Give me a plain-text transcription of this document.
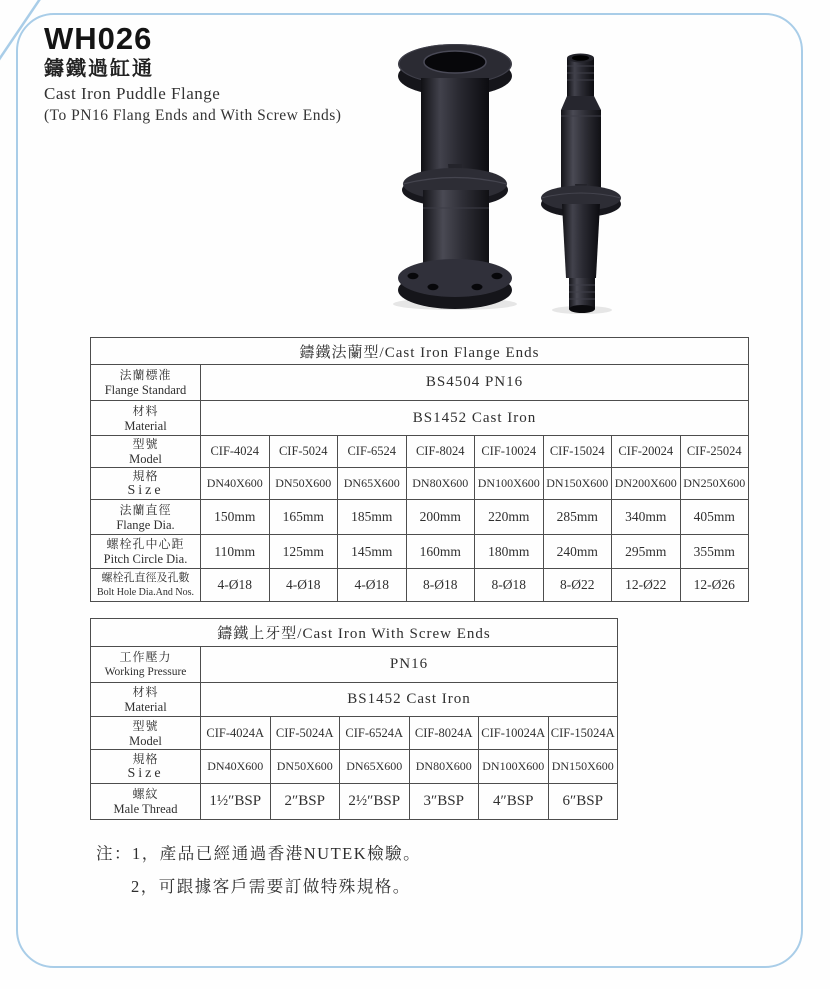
WH026
鑄鐵過缸通
Cast Iron Puddle Flange
(To PN16 Flang Ends and With Screw Ends)
鑄鐵法蘭型/Cast Iron Flange Ends								

法蘭標准
Flange Standard	BS4504 PN16							

材料
Material	BS1452 Cast Iron							

型號
Model	CIF-4024	CIF-5024	CIF-6524	CIF-8024	CIF-10024	CIF-15024	CIF-20024	CIF-25024

規格
Size	DN40X600	DN50X600	DN65X600	DN80X600	DN100X600	DN150X600	DN200X600	DN250X600

法蘭直徑
Flange Dia.	150mm	165mm	185mm	200mm	220mm	285mm	340mm	405mm

螺栓孔中心距
Pitch Circle Dia.	110mm	125mm	145mm	160mm	180mm	240mm	295mm	355mm

螺栓孔直徑及孔數
Bolt Hole Dia.And Nos.	4-Ø18	4-Ø18	4-Ø18	8-Ø18	8-Ø18	8-Ø22	12-Ø22	12-Ø26
鑄鐵上牙型/Cast Iron With Screw Ends						

工作壓力
Working Pressure	PN16					

材料
Material	BS1452 Cast Iron					

型號
Model	CIF-4024A	CIF-5024A	CIF-6524A	CIF-8024A	CIF-10024A	CIF-15024A

規格
Size	DN40X600	DN50X600	DN65X600	DN80X600	DN100X600	DN150X600

螺紋
Male Thread	1½″BSP	2″BSP	2½″BSP	3″BSP	4″BSP	6″BSP
注： 1，產品已經通過香港NUTEK檢驗。
2，可跟據客戶需要訂做特殊規格。
